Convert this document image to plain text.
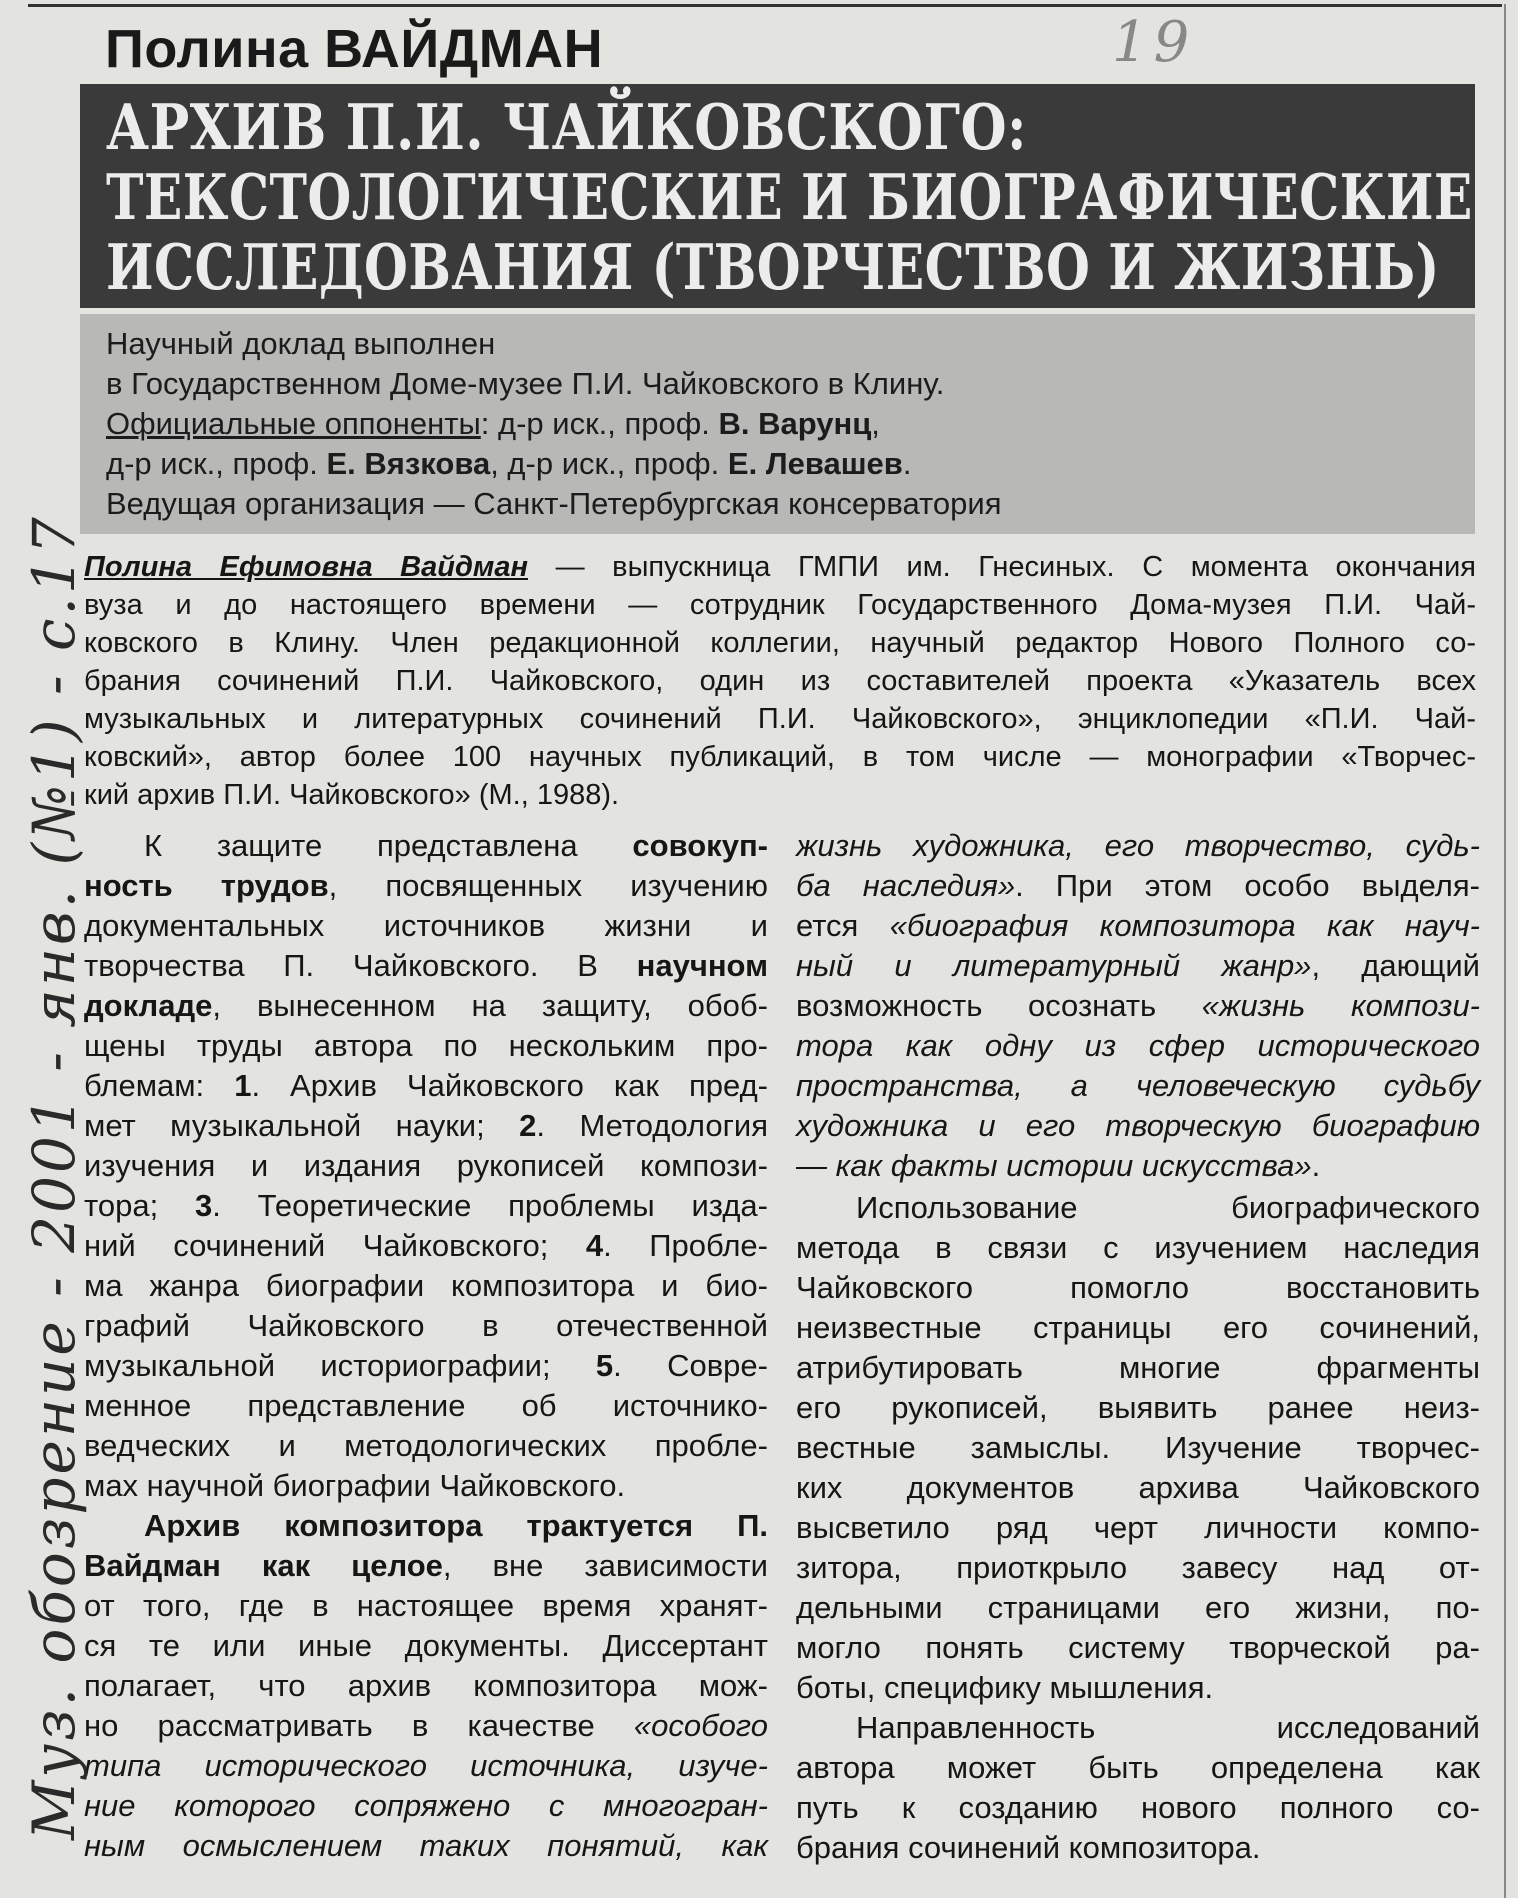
19
Полина ВАЙДМАН
АРХИВ П.И. ЧАЙКОВСКОГО:
ТЕКСТОЛОГИЧЕСКИЕ И БИОГРАФИЧЕСКИЕ
ИССЛЕДОВАНИЯ (ТВОРЧЕСТВО И ЖИЗНЬ)
Научный доклад выполнен
в Государственном Доме-музее П.И. Чайковского в Клину.
Официальные оппоненты: д-р иск., проф. В. Варунц,
д-р иск., проф. Е. Вязкова, д-р иск., проф. Е. Левашев.
Ведущая организация — Санкт-Петербургская консерватория
Полина Ефимовна Вайдман — выпускница ГМПИ им. Гнесиных. С момента окончания
вуза и до настоящего времени — сотрудник Государственного Дома-музея П.И. Чай-
ковского в Клину. Член редакционной коллегии, научный редактор Нового Полного со-
брания сочинений П.И. Чайковского, один из составителей проекта «Указатель всех
музыкальных и литературных сочинений П.И. Чайковского», энциклопедии «П.И. Чай-
ковский», автор более 100 научных публикаций, в том числе — монографии «Творчес-
кий архив П.И. Чайковского» (М., 1988).
К защите представлена совокуп-
ность трудов, посвященных изучению
документальных источников жизни и
творчества П. Чайковского. В научном
докладе, вынесенном на защиту, обоб-
щены труды автора по нескольким про-
блемам: 1. Архив Чайковского как пред-
мет музыкальной науки; 2. Методология
изучения и издания рукописей компози-
тора; 3. Теоретические проблемы изда-
ний сочинений Чайковского; 4. Пробле-
ма жанра биографии композитора и био-
графий Чайковского в отечественной
музыкальной историографии; 5. Совре-
менное представление об источнико-
ведческих и методологических пробле-
мах научной биографии Чайковского.
Архив композитора трактуется П.
Вайдман как целое, вне зависимости
от того, где в настоящее время хранят-
ся те или иные документы. Диссертант
полагает, что архив композитора мож-
но рассматривать в качестве «особого
типа исторического источника, изуче-
ние которого сопряжено с многогран-
ным осмыслением таких понятий, как
жизнь художника, его творчество, судь-
ба наследия». При этом особо выделя-
ется «биография композитора как науч-
ный и литературный жанр», дающий
возможность осознать «жизнь компози-
тора как одну из сфер исторического
пространства, а человеческую судьбу
художника и его творческую биографию
— как факты истории искусства».
Использование биографического
метода в связи с изучением наследия
Чайковского помогло восстановить
неизвестные страницы его сочинений,
атрибутировать многие фрагменты
его рукописей, выявить ранее неиз-
вестные замыслы. Изучение творчес-
ких документов архива Чайковского
высветило ряд черт личности компо-
зитора, приоткрыло завесу над от-
дельными страницами его жизни, по-
могло понять систему творческой ра-
боты, специфику мышления.
Направленность исследований
автора может быть определена как
путь к созданию нового полного со-
брания сочинений композитора.
Муз. обозрение - 2001 - янв. (№1) - с.17
